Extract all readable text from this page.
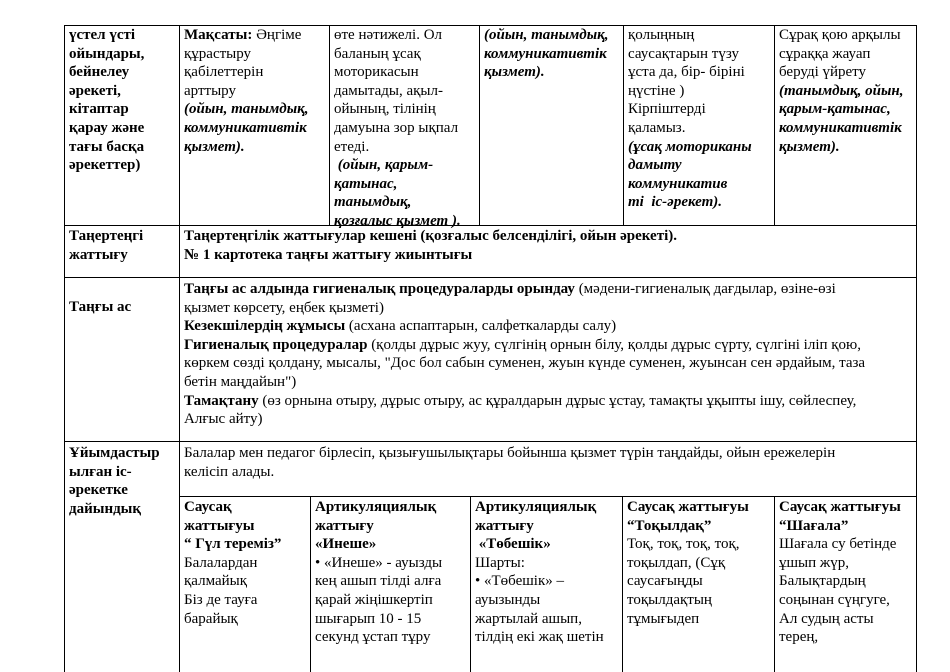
үстел үсті
ойындары,
бейнелеу
әрекеті,
кітаптар
қарау және
тағы басқа
әрекеттер)
Мақсаты: Әңгіме
құрастыру
қабілеттерін
арттыру
(ойын, танымдық,
коммуникативтік
қызмет).
өте нәтижелі. Ол
баланың ұсақ
моторикасын
дамытады, ақыл-
ойының, тілінің
дамуына зор ықпал
етеді.
(ойын, қарым-
қатынас,
танымдық,
қозғалыс қызмет ).
(ойын, танымдық,
коммуникативтік
қызмет).
қолыңның
саусақтарын түзу
ұста да, бір- біріні
ңүстіне )
Кірпіштерді
қаламыз.
(ұсақ моториканы
дамыту
коммуникатив
ті  іс-әрекет).
Сұрақ қою арқылы
сұраққа жауап
беруді үйрету
(танымдық, ойын,
қарым-қатынас,
коммуникативтік
қызмет).
Таңертеңгі
жаттығу
Таңертеңгілік жаттығулар кешені (қозғалыс белсенділігі, ойын әрекеті).
№ 1 картотека таңғы жаттығу жиынтығы
Таңғы ас
Таңғы ас алдында гигиеналық процедураларды орындау (мәдени-гигиеналық дағдылар, өзіне-өзі
қызмет көрсету, еңбек қызметі)
Кезекшілердің жұмысы (асхана аспаптарын, салфеткаларды салу)
Гигиеналық процедуралар (қолды дұрыс жуу, сүлгінің орнын білу, қолды дұрыс сүрту, сүлгіні іліп қою,
көркем сөзді қолдану, мысалы, "Дос бол сабын суменен, жуын күнде суменен, жуынсан сен әрдайым, таза
бетін маңдайын")
Тамақтану (өз орнына отыру, дұрыс отыру, ас құралдарын дұрыс ұстау, тамақты ұқыпты ішу, сөйлеспеу,
Алғыс айту)
Ұйымдастыр
ылған іс-
әрекетке
дайындық
Балалар мен педагог бірлесіп, қызығушылықтары бойынша қызмет түрін таңдайды, ойын ережелерін
келісіп алады.
Саусақ
жаттығуы
“ Гүл тереміз”
Балалардан
қалмайық
Біз де тауға
барайық
Артикуляциялық
жаттығу
«Инеше»
• «Инеше» - ауызды
кең ашып тілді алға
қарай жіңішкертіп
шығарып 10 - 15
секунд ұстап тұру
Артикуляциялық
жаттығу
«Төбешік»
Шарты:
• «Төбешік» –
ауызынды
жартылай ашып,
тілдің екі жақ шетін
Саусақ жаттығуы
“Тоқылдақ”
Тоқ, тоқ, тоқ, тоқ,
тоқылдап, (Сұқ
саусағыңды
тоқылдақтың
тұмығыдеп
Саусақ жаттығуы
“Шағала”
Шағала су бетінде
ұшып жүр,
Балықтардың
соңынан сүңгуге,
Ал судың асты
терең,
